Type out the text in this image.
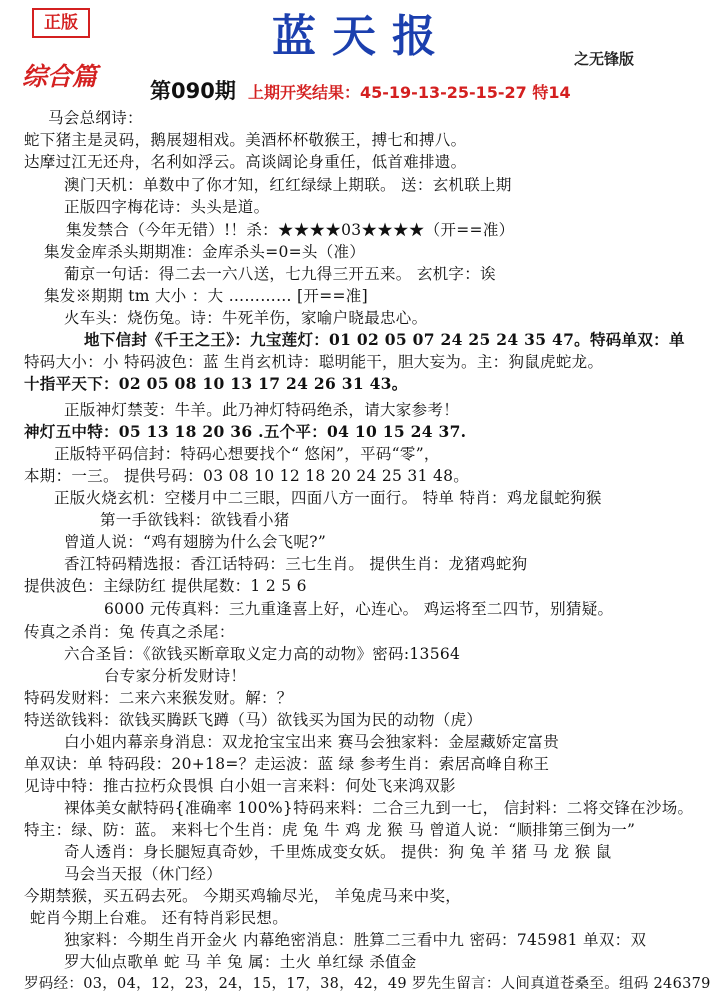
正版	蓝天报	之无锋版
综合篇	第090期 上期开奖结果：45-19-13-25-15-27 特14
马会总纲诗：
蛇下猪主是灵码，鹅展翅相戏。美酒杯杯敬猴王，搏七和搏八。
达摩过江无还舟，名利如浮云。高谈阔论身重任，低首难排遗。
澳门天机：单数中了你才知，红红绿绿上期联。 送：玄机联上期
正版四字梅花诗：头头是道。
集发禁合（今年无错）!！杀：★★★★03★★★★（开==准）
集发金库杀头期期准：金库杀头=0=头（准）
葡京一句话：得二去一六八送，七九得三开五来。 玄机字：诶
集发※期期 tm 大小 ：大 ………… [开==准]
火车头：烧伤兔。诗：牛死羊伤，家喻户晓最忠心。
地下信封《千王之王》：九宝莲灯：01 02 05 07 24 25 24 35 47。特码单双：单
特码大小：小 特码波色：蓝 生肖玄机诗：聪明能干，胆大妄为。主：狗鼠虎蛇龙。
十指平天下：02 05 08 10 13 17 24 26 31 43。
正版神灯禁芰：牛羊。此乃神灯特码绝杀，请大家参考！
神灯五中特：05 13 18 20 36 .五个平：04 10 15 24 37.
正版特平码信封：特码心想要找个“ 悠闲”，平码“零”，
本期：一三。 提供号码：03 08 10 12 18 20 24 25 31 48。
正版火烧玄机：空楼月中二三眼，四面八方一面行。 特单 特肖：鸡龙鼠蛇狗猴
第一手欲钱料：欲钱看小猪
曾道人说：“鸡有翅膀为什么会飞呢?”
香江特码精选报：香江话特码：三七生肖。 提供生肖：龙猪鸡蛇狗
提供波色：主绿防红 提供尾数：1 2 5 6
6000 元传真料：三九重逢喜上好，心连心。 鸡运将至二四节，别猜疑。
传真之杀肖：兔 传真之杀尾：
六合圣旨：《欲钱买断章取义定力高的动物》密码:13564
台专家分析发财诗！
特码发财料：二来六来猴发财。解：？
特送欲钱料：欲钱买腾跃飞蹲（马）欲钱买为国为民的动物（虎）
白小姐内幕亲身消息：双龙抢宝宝出来 赛马会独家料：金屋藏娇定富贵
单双诀：单 特码段：20+18=？走运波：蓝 绿 参考生肖：索居高峰自称王
见诗中特：推古拉朽众畏惧 白小姐一言来料：何处飞来鸿双影
裸体美女献特码{准确率 100%}特码来料：二合三九到一七， 信封料：二将交锋在沙场。
特主：绿、防：蓝。 来料七个生肖：虎 兔 牛 鸡 龙 猴 马 曾道人说：“顺排第三倒为一”
奇人透肖：身长腿短真奇妙，千里炼成变女妖。 提供：狗 兔 羊 猪 马 龙 猴 鼠
马会当天报（休门经）
今期禁猴，买五码去死。 今期买鸡输尽光， 羊兔虎马来中奖，
蛇肖今期上台难。 还有特肖彩民想。
独家料：今期生肖开金火 内幕绝密消息：胜算二三看中九 密码：745981 单双：双
罗大仙点歌单 蛇 马 羊 兔 属：土火 单红绿 杀值金
罗码经：03，04，12，23，24，15，17，38，42，49 罗先生留言：人间真道苍桑至。组码 246379
